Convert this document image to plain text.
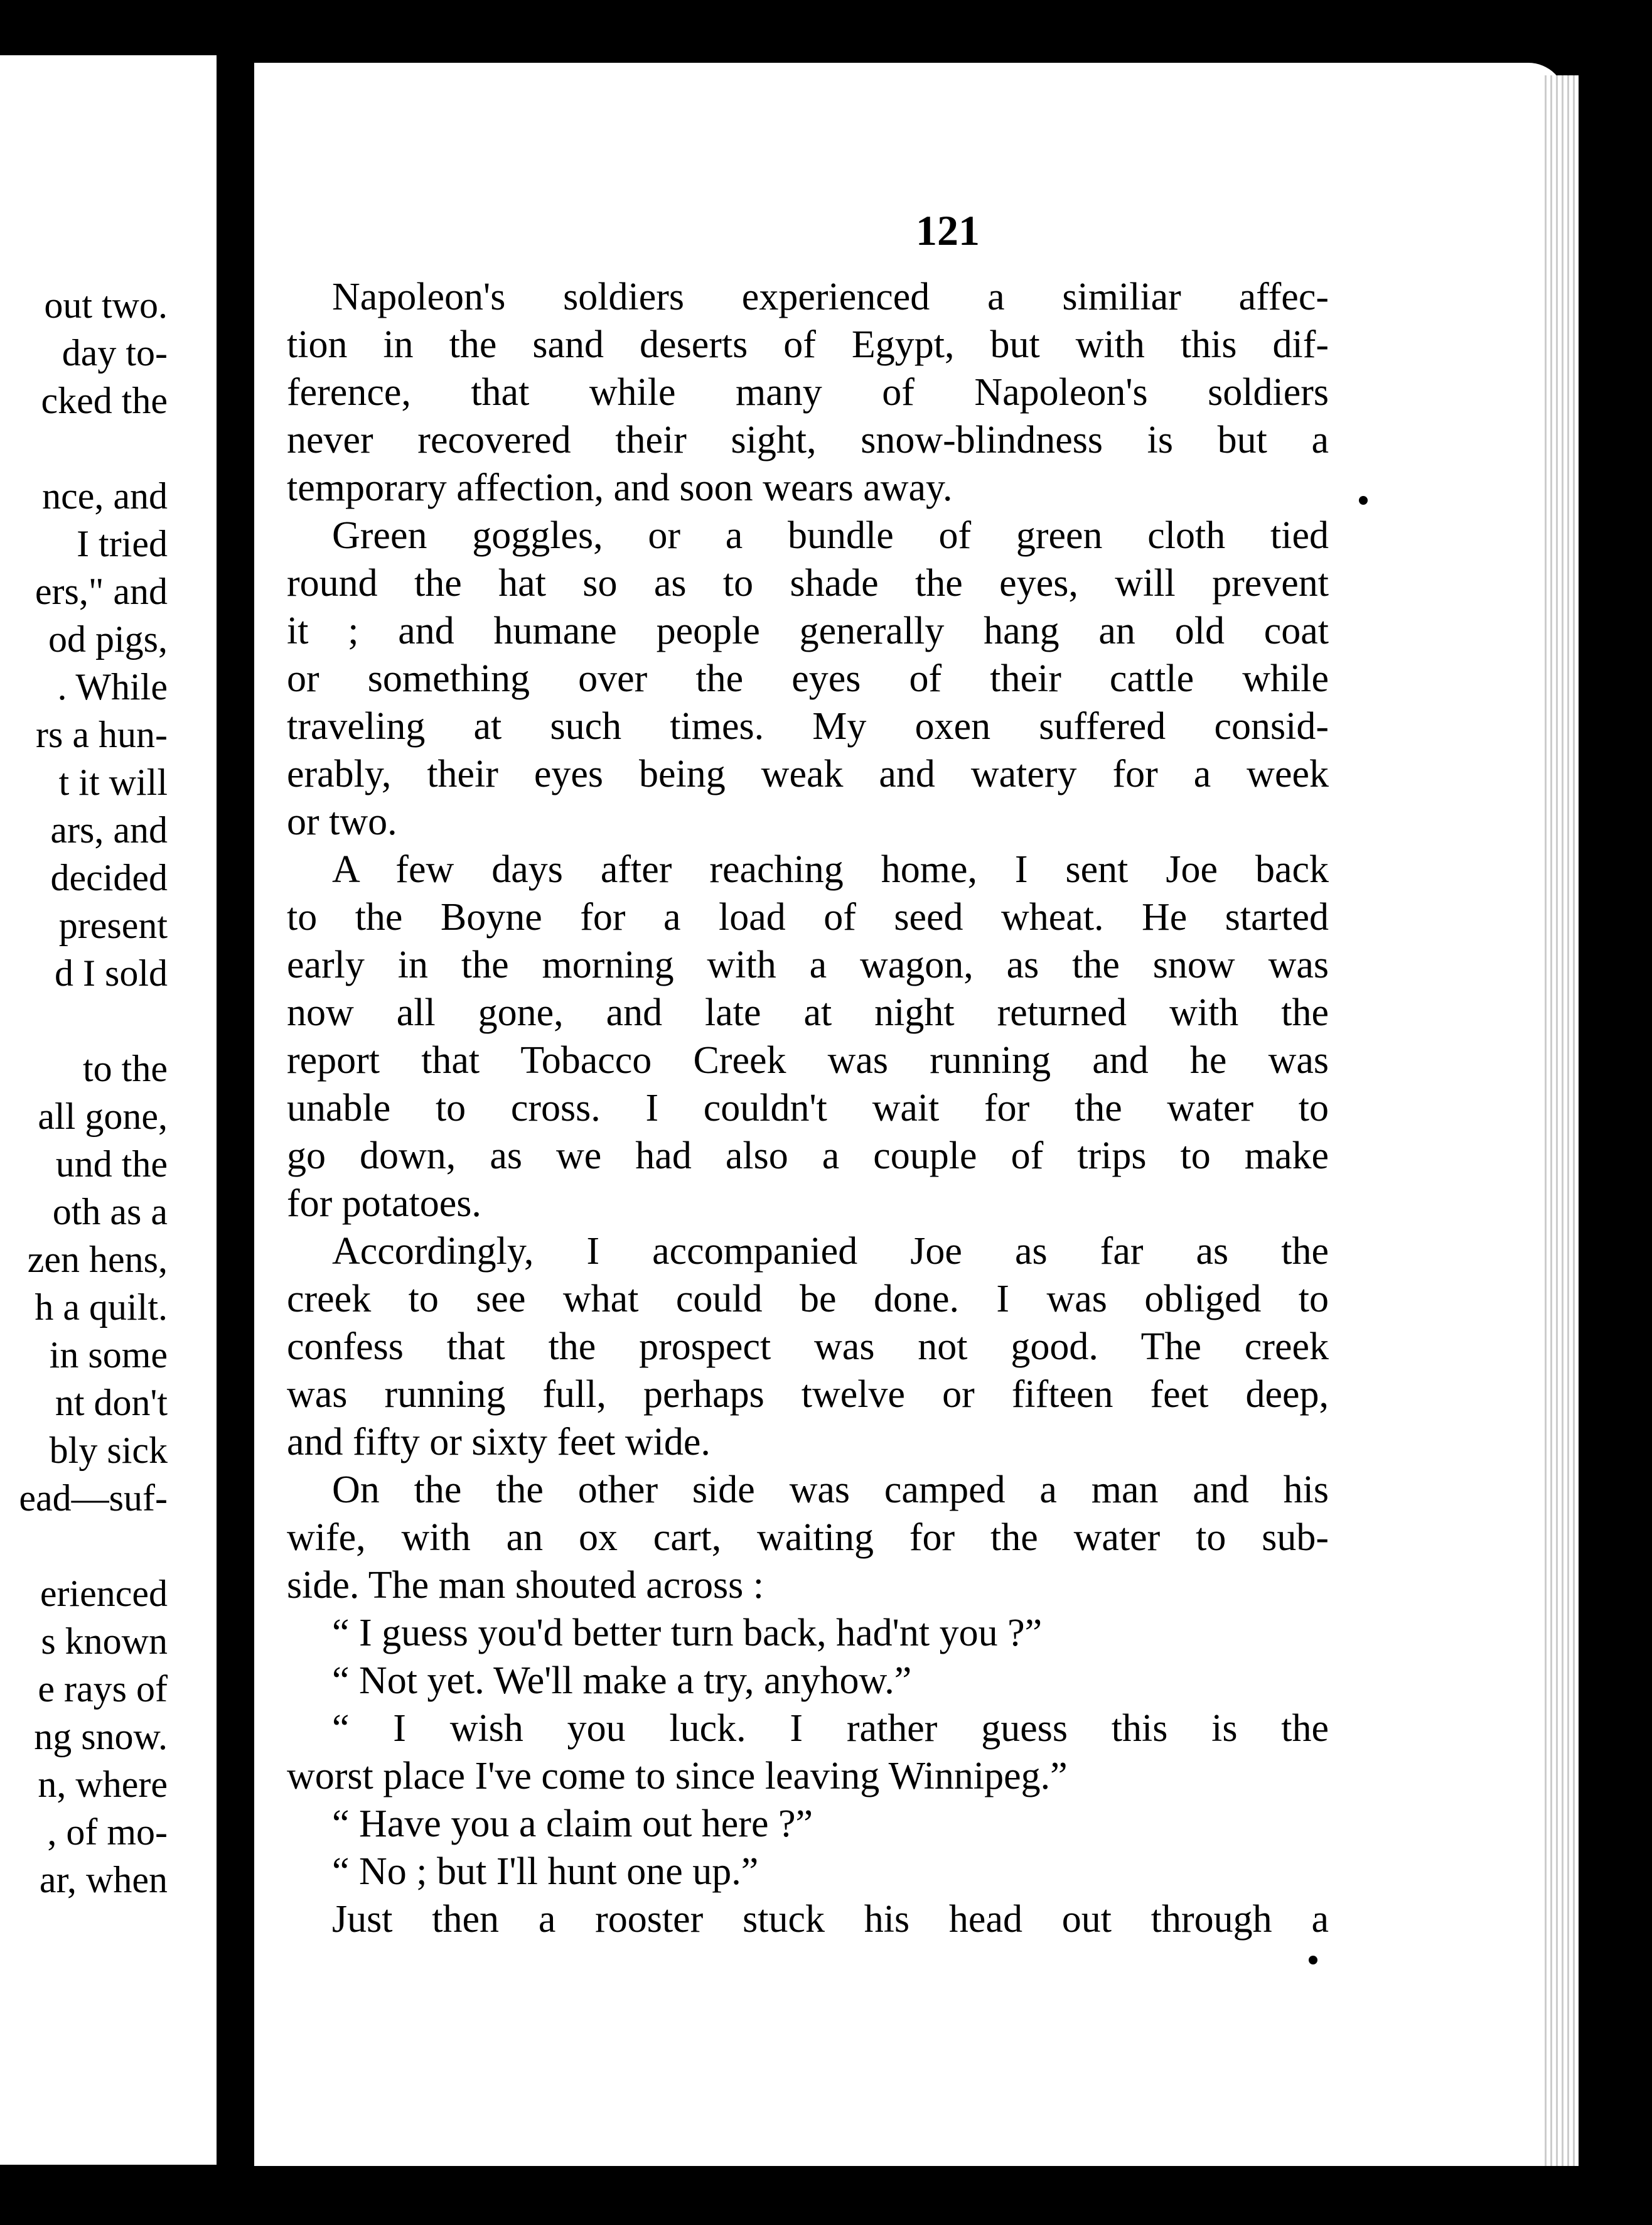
out two.
day to-
cked the
nce, and
I tried
ers," and
od pigs,
. While
rs a hun-
t it will
ars, and
decided
present
d I sold
to the
all gone,
und the
oth as a
zen hens,
h a quilt.
in some
nt don't
bly sick
ead—suf-
erienced
s known
e rays of
ng snow.
n, where
, of mo-
ar, when
121
Napoleon's soldiers experienced a similiar affec-
tion in the sand deserts of Egypt, but with this dif-
ference, that while many of Napoleon's soldiers
never recovered their sight, snow-blindness is but a
temporary affection, and soon wears away.
Green goggles, or a bundle of green cloth tied
round the hat so as to shade the eyes, will prevent
it ; and humane people generally hang an old coat
or something over the eyes of their cattle while
traveling at such times. My oxen suffered consid-
erably, their eyes being weak and watery for a week
or two.
A few days after reaching home, I sent Joe back
to the Boyne for a load of seed wheat. He started
early in the morning with a wagon, as the snow was
now all gone, and late at night returned with the
report that Tobacco Creek was running and he was
unable to cross. I couldn't wait for the water to
go down, as we had also a couple of trips to make
for potatoes.
Accordingly, I accompanied Joe as far as the
creek to see what could be done. I was obliged to
confess that the prospect was not good. The creek
was running full, perhaps twelve or fifteen feet deep,
and fifty or sixty feet wide.
On the the other side was camped a man and his
wife, with an ox cart, waiting for the water to sub-
side. The man shouted across :
“ I guess you'd better turn back, had'nt you ?”
“ Not yet. We'll make a try, anyhow.”
“ I wish you luck. I rather guess this is the
worst place I've come to since leaving Winnipeg.”
“ Have you a claim out here ?”
“ No ; but I'll hunt one up.”
Just then a rooster stuck his head out through a
